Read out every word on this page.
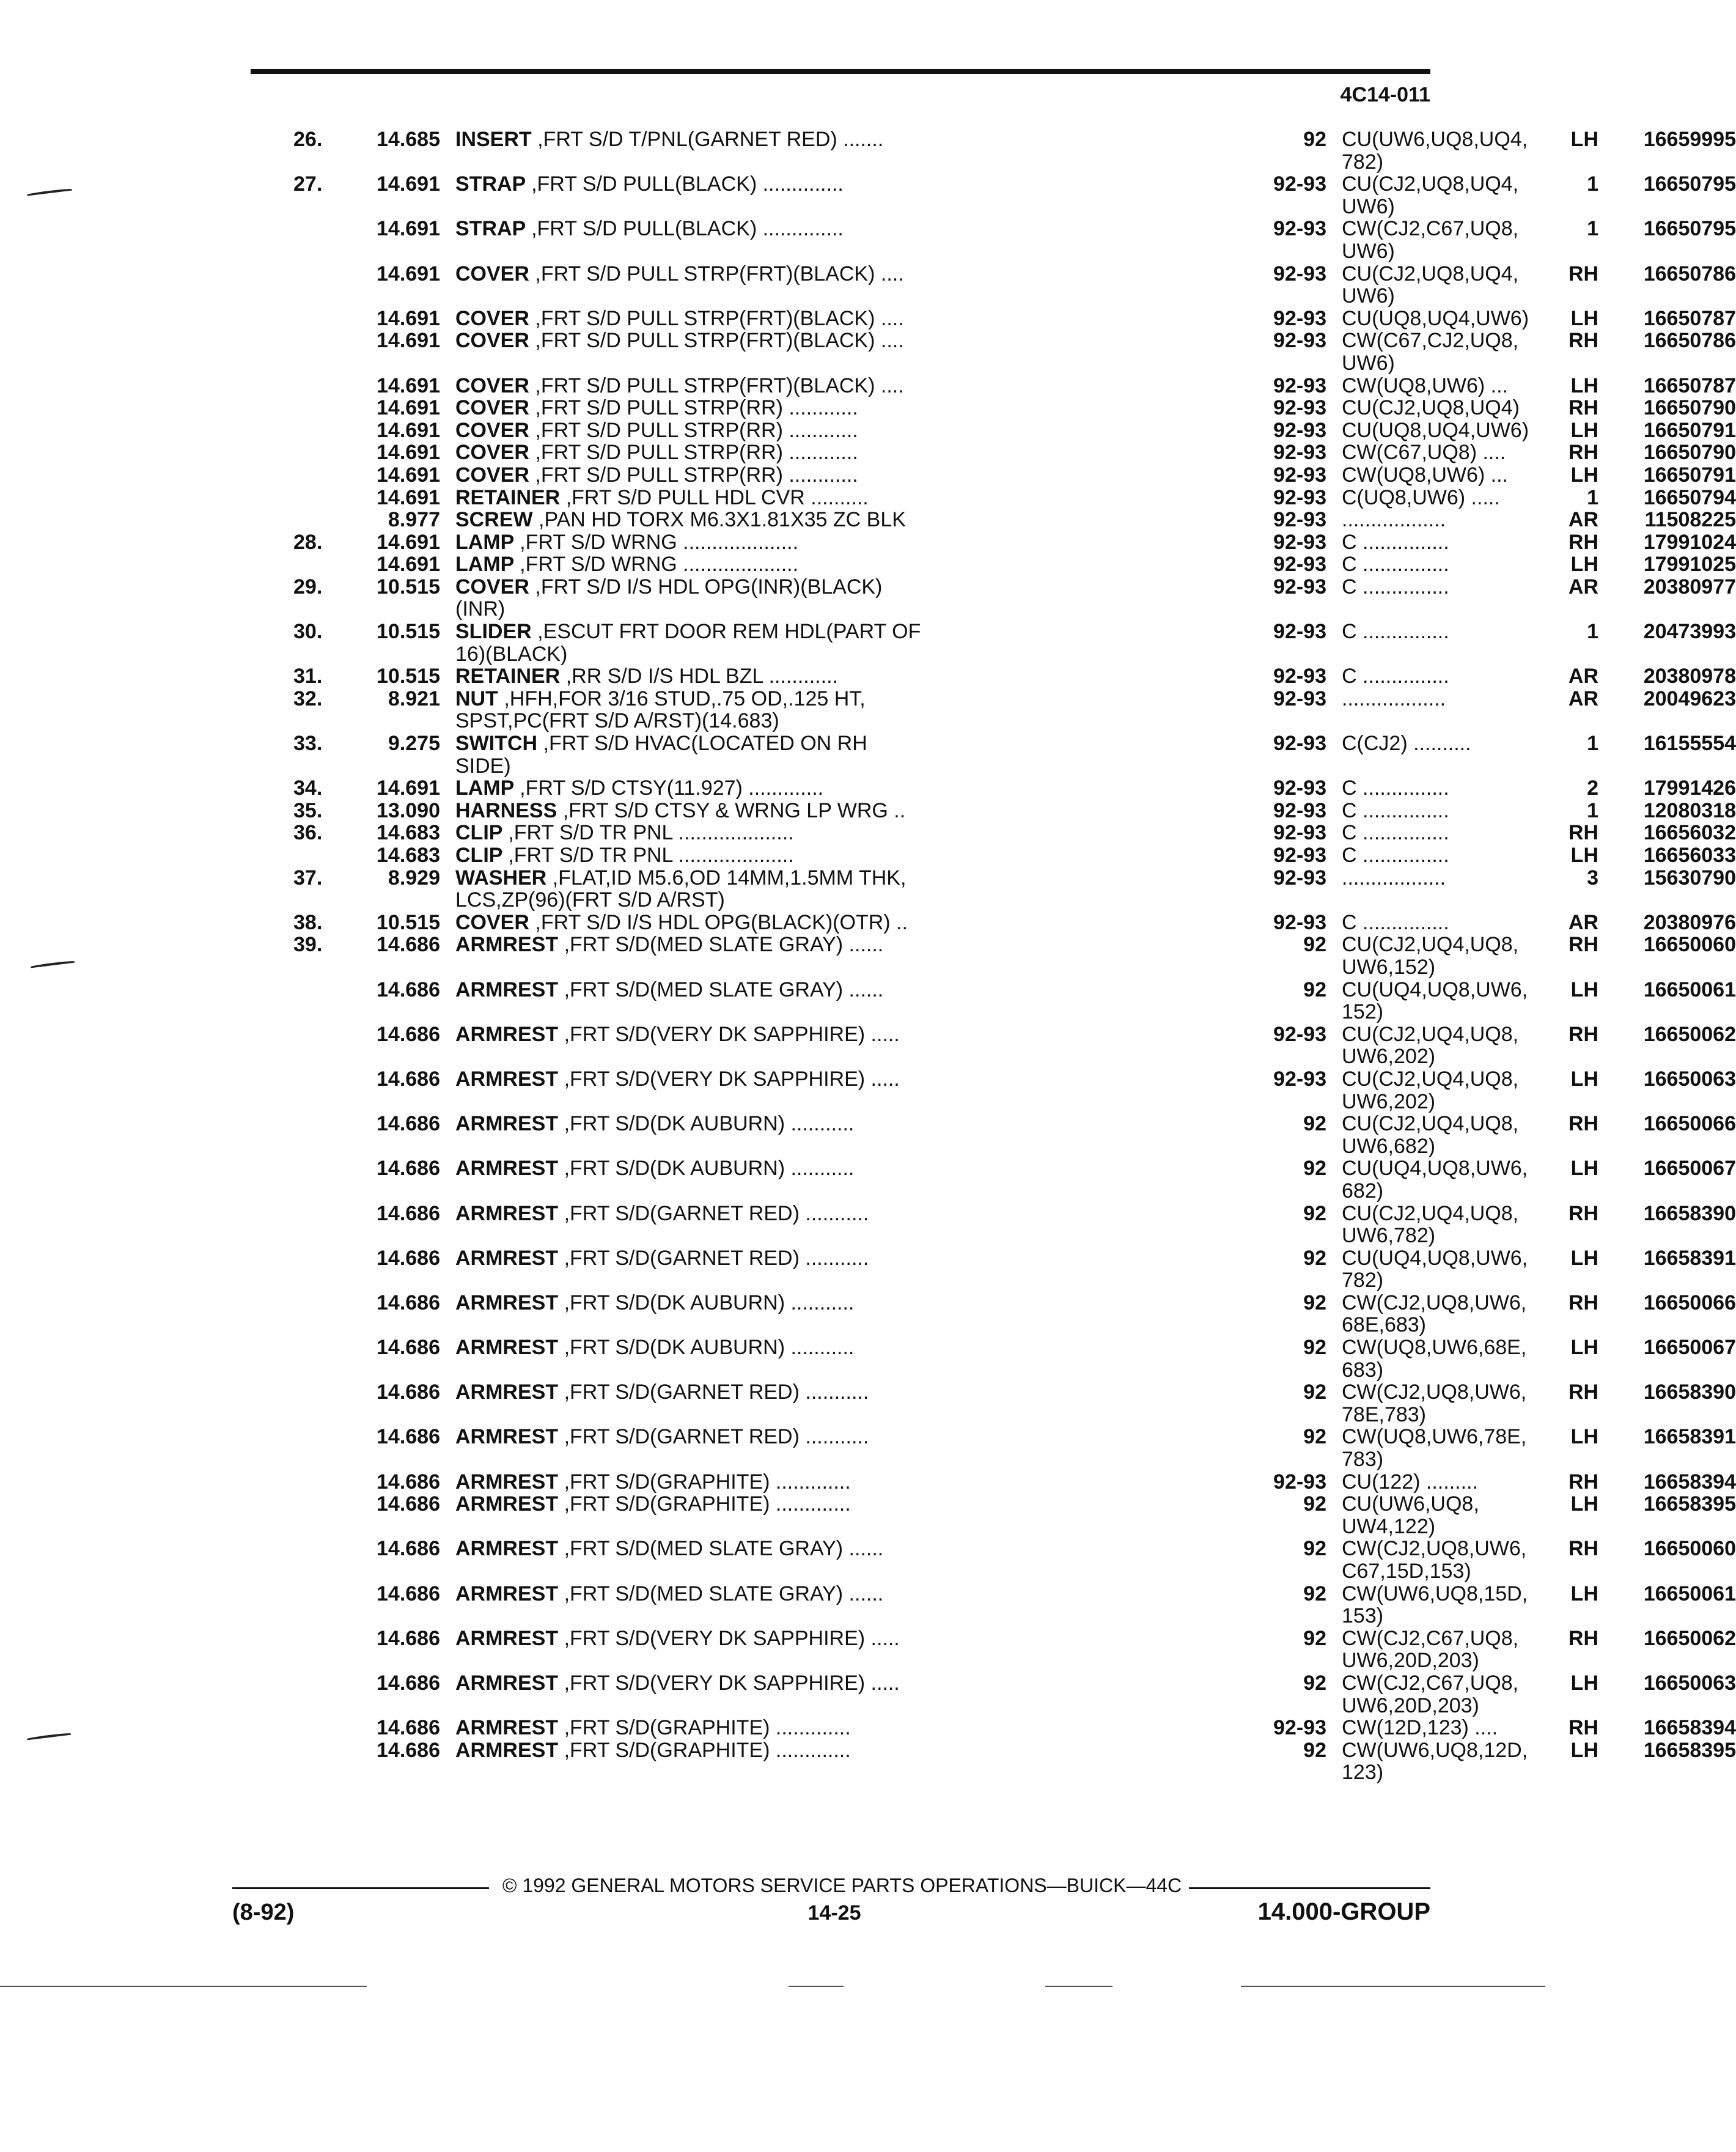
4C14-011
26.	14.685 INSERT ,FRT S/D T/PNL(GARNET RED) .......	92 CU(UW6,UQ8,UQ4,	LH	16659995
782)
27.	14.691 STRAP ,FRT S/D PULL(BLACK) ..............	92-93 CU(CJ2,UQ8,UQ4,	1	16650795
UW6)
14.691 STRAP ,FRT S/D PULL(BLACK) ..............	92-93 CW(CJ2,C67,UQ8,	1	16650795
UW6)
14.691 COVER ,FRT S/D PULL STRP(FRT)(BLACK) ....	92-93 CU(CJ2,UQ8,UQ4,	RH	16650786
UW6)
14.691 COVER ,FRT S/D PULL STRP(FRT)(BLACK) ....	92-93 CU(UQ8,UQ4,UW6)	LH	16650787
14.691 COVER ,FRT S/D PULL STRP(FRT)(BLACK) ....	92-93 CW(C67,CJ2,UQ8,	RH	16650786
UW6)
14.691 COVER ,FRT S/D PULL STRP(FRT)(BLACK) ....	92-93 CW(UQ8,UW6) ...	LH	16650787
14.691 COVER ,FRT S/D PULL STRP(RR) ............	92-93 CU(CJ2,UQ8,UQ4)	RH	16650790
14.691 COVER ,FRT S/D PULL STRP(RR) ............	92-93 CU(UQ8,UQ4,UW6)	LH	16650791
14.691 COVER ,FRT S/D PULL STRP(RR) ............	92-93 CW(C67,UQ8) ....	RH	16650790
14.691 COVER ,FRT S/D PULL STRP(RR) ............	92-93 CW(UQ8,UW6) ...	LH	16650791
14.691 RETAINER ,FRT S/D PULL HDL CVR ..........	92-93 C(UQ8,UW6) .....	1	16650794
8.977 SCREW ,PAN HD TORX M6.3X1.81X35 ZC BLK	92-93 ..................	AR	11508225
28.	14.691 LAMP ,FRT S/D WRNG ....................	92-93 C ...............	RH	17991024
14.691 LAMP ,FRT S/D WRNG ....................	92-93 C ...............	LH	17991025
29.	10.515 COVER ,FRT S/D I/S HDL OPG(INR)(BLACK)	92-93 C ...............	AR	20380977
(INR)
30.	10.515 SLIDER ,ESCUT FRT DOOR REM HDL(PART OF	92-93 C ...............	1	20473993
16)(BLACK)
31.	10.515 RETAINER ,RR S/D I/S HDL BZL ............	92-93 C ...............	AR	20380978
32.	8.921 NUT ,HFH,FOR 3/16 STUD,.75 OD,.125 HT,	92-93 ..................	AR	20049623
SPST,PC(FRT S/D A/RST)(14.683)
33.	9.275 SWITCH ,FRT S/D HVAC(LOCATED ON RH	92-93 C(CJ2) ..........	1	16155554
SIDE)
34.	14.691 LAMP ,FRT S/D CTSY(11.927) .............	92-93 C ...............	2	17991426
35.	13.090 HARNESS ,FRT S/D CTSY & WRNG LP WRG ..	92-93 C ...............	1	12080318
36.	14.683 CLIP ,FRT S/D TR PNL ....................	92-93 C ...............	RH	16656032
14.683 CLIP ,FRT S/D TR PNL ....................	92-93 C ...............	LH	16656033
37.	8.929 WASHER ,FLAT,ID M5.6,OD 14MM,1.5MM THK,	92-93 ..................	3	15630790
LCS,ZP(96)(FRT S/D A/RST)
38.	10.515 COVER ,FRT S/D I/S HDL OPG(BLACK)(OTR) ..	92-93 C ...............	AR	20380976
39.	14.686 ARMREST ,FRT S/D(MED SLATE GRAY) ......	92 CU(CJ2,UQ4,UQ8,	RH	16650060
UW6,152)
14.686 ARMREST ,FRT S/D(MED SLATE GRAY) ......	92 CU(UQ4,UQ8,UW6,	LH	16650061
152)
14.686 ARMREST ,FRT S/D(VERY DK SAPPHIRE) .....	92-93 CU(CJ2,UQ4,UQ8,	RH	16650062
UW6,202)
14.686 ARMREST ,FRT S/D(VERY DK SAPPHIRE) .....	92-93 CU(CJ2,UQ4,UQ8,	LH	16650063
UW6,202)
14.686 ARMREST ,FRT S/D(DK AUBURN) ...........	92 CU(CJ2,UQ4,UQ8,	RH	16650066
UW6,682)
14.686 ARMREST ,FRT S/D(DK AUBURN) ...........	92 CU(UQ4,UQ8,UW6,	LH	16650067
682)
14.686 ARMREST ,FRT S/D(GARNET RED) ...........	92 CU(CJ2,UQ4,UQ8,	RH	16658390
UW6,782)
14.686 ARMREST ,FRT S/D(GARNET RED) ...........	92 CU(UQ4,UQ8,UW6,	LH	16658391
782)
14.686 ARMREST ,FRT S/D(DK AUBURN) ...........	92 CW(CJ2,UQ8,UW6,	RH	16650066
68E,683)
14.686 ARMREST ,FRT S/D(DK AUBURN) ...........	92 CW(UQ8,UW6,68E,	LH	16650067
683)
14.686 ARMREST ,FRT S/D(GARNET RED) ...........	92 CW(CJ2,UQ8,UW6,	RH	16658390
78E,783)
14.686 ARMREST ,FRT S/D(GARNET RED) ...........	92 CW(UQ8,UW6,78E,	LH	16658391
783)
14.686 ARMREST ,FRT S/D(GRAPHITE) .............	92-93 CU(122) .........	RH	16658394
14.686 ARMREST ,FRT S/D(GRAPHITE) .............	92 CU(UW6,UQ8,	LH	16658395
UW4,122)
14.686 ARMREST ,FRT S/D(MED SLATE GRAY) ......	92 CW(CJ2,UQ8,UW6,	RH	16650060
C67,15D,153)
14.686 ARMREST ,FRT S/D(MED SLATE GRAY) ......	92 CW(UW6,UQ8,15D,	LH	16650061
153)
14.686 ARMREST ,FRT S/D(VERY DK SAPPHIRE) .....	92 CW(CJ2,C67,UQ8,	RH	16650062
UW6,20D,203)
14.686 ARMREST ,FRT S/D(VERY DK SAPPHIRE) .....	92 CW(CJ2,C67,UQ8,	LH	16650063
UW6,20D,203)
14.686 ARMREST ,FRT S/D(GRAPHITE) .............	92-93 CW(12D,123) ....	RH	16658394
14.686 ARMREST ,FRT S/D(GRAPHITE) .............	92 CW(UW6,UQ8,12D,	LH	16658395
123)
© 1992 GENERAL MOTORS SERVICE PARTS OPERATIONS—BUICK—44C
(8-92)	14-25	14.000-GROUP
